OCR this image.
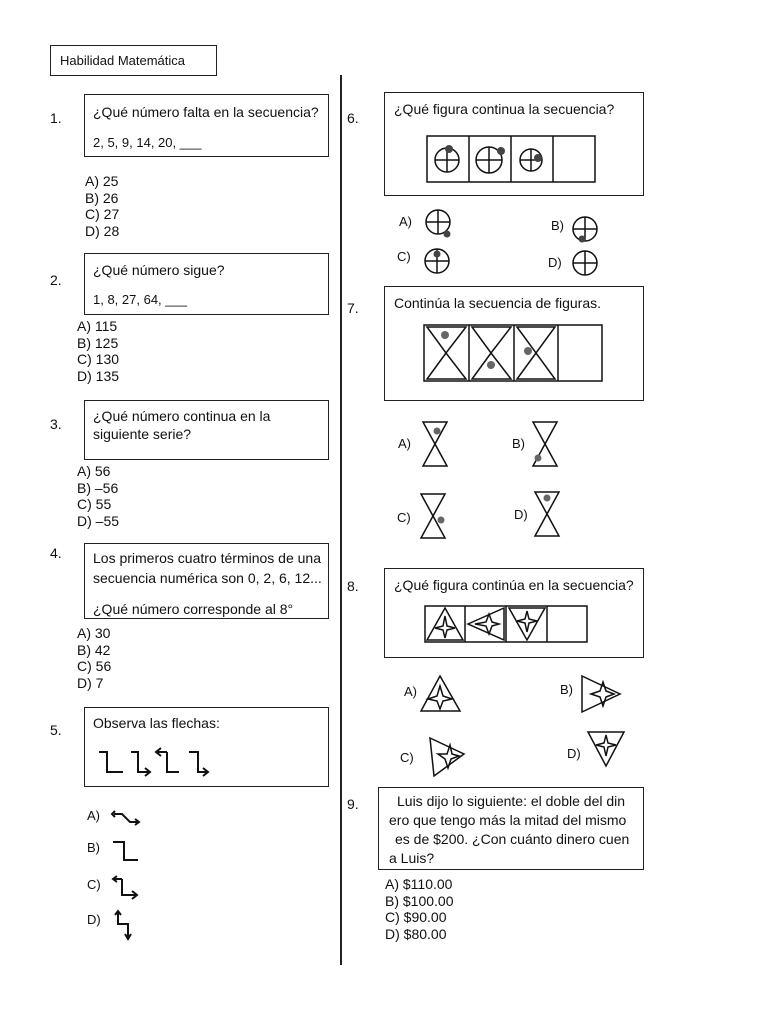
Habilidad Matemática
1. ¿Qué número falta en la secuencia?
2, 5, 9, 14, 20, ___
A) 25
B) 26
C) 27
D) 28
2.
¿Qué número sigue?
1, 8, 27, 64, ___
A) 115
B) 125
C) 130
D) 135
3. ¿Qué número continua en la
siguiente serie?
A) 56
B) –56
C) 55
D) –55
4. Los primeros cuatro términos de una
secuencia numérica son 0, 2, 6, 12...
¿Qué número corresponde al 8°
A) 30
B) 42
C) 56
D) 7
5. Observa las flechas:
A)
B)
C)
D)
6.
¿Qué figura continua la secuencia?
A)	B)
C)	D)
7.	Continúa la secuencia de figuras.
A)	B)
C)	D)
8.	¿Qué figura continúa en la secuencia?
A)	B)
C)	D)
9.	Luis dijo lo siguiente: el doble del din
ero que tengo más la mitad del mismo
es de $200. ¿Con cuánto dinero cuen
a Luis?
A) $110.00
B) $100.00
C) $90.00
D) $80.00
